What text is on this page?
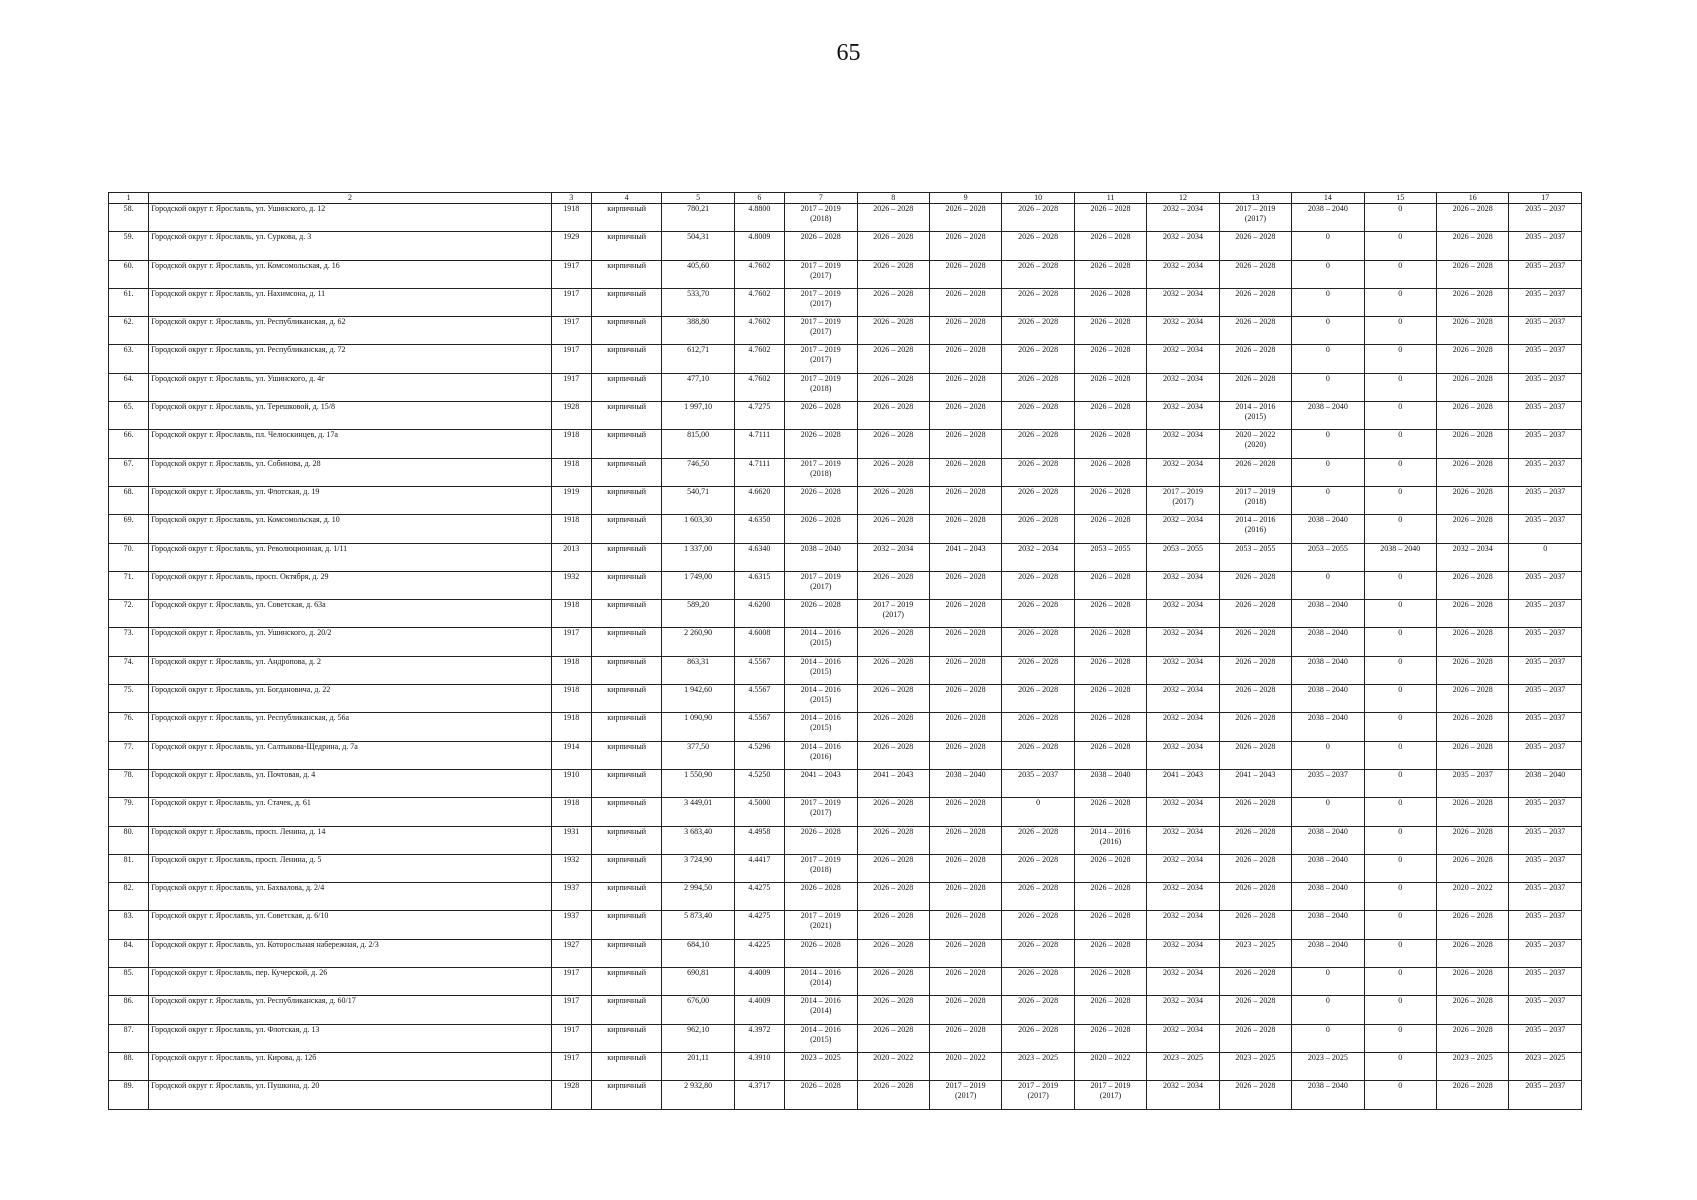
65
1	2	3	4	5	6	7	8	9	10	11	12	13	14	15	16	17
58.	Городской округ г. Ярославль, ул. Ушинского, д. 12	1918	кирпичный	780,21	4.8800	2017 – 2019
(2018)	2026 – 2028	2026 – 2028	2026 – 2028	2026 – 2028	2032 – 2034	2017 – 2019
(2017)	2038 – 2040	0	2026 – 2028	2035 – 2037
59.	Городской округ г. Ярославль, ул. Суркова, д. 3	1929	кирпичный	504,31	4.8009	2026 – 2028	2026 – 2028	2026 – 2028	2026 – 2028	2026 – 2028	2032 – 2034	2026 – 2028	0	0	2026 – 2028	2035 – 2037
60.	Городской округ г. Ярославль, ул. Комсомольская, д. 16	1917	кирпичный	405,60	4.7602	2017 – 2019
(2017)	2026 – 2028	2026 – 2028	2026 – 2028	2026 – 2028	2032 – 2034	2026 – 2028	0	0	2026 – 2028	2035 – 2037
61.	Городской округ г. Ярославль, ул. Нахимсона, д. 11	1917	кирпичный	533,70	4.7602	2017 – 2019
(2017)	2026 – 2028	2026 – 2028	2026 – 2028	2026 – 2028	2032 – 2034	2026 – 2028	0	0	2026 – 2028	2035 – 2037
62.	Городской округ г. Ярославль, ул. Республиканская, д. 62	1917	кирпичный	388,80	4.7602	2017 – 2019
(2017)	2026 – 2028	2026 – 2028	2026 – 2028	2026 – 2028	2032 – 2034	2026 – 2028	0	0	2026 – 2028	2035 – 2037
63.	Городской округ г. Ярославль, ул. Республиканская, д. 72	1917	кирпичный	612,71	4.7602	2017 – 2019
(2017)	2026 – 2028	2026 – 2028	2026 – 2028	2026 – 2028	2032 – 2034	2026 – 2028	0	0	2026 – 2028	2035 – 2037
64.	Городской округ г. Ярославль, ул. Ушинского, д. 4г	1917	кирпичный	477,10	4.7602	2017 – 2019
(2018)	2026 – 2028	2026 – 2028	2026 – 2028	2026 – 2028	2032 – 2034	2026 – 2028	0	0	2026 – 2028	2035 – 2037
65.	Городской округ г. Ярославль, ул. Терешковой, д. 15/8	1928	кирпичный	1 997,10	4.7275	2026 – 2028	2026 – 2028	2026 – 2028	2026 – 2028	2026 – 2028	2032 – 2034	2014 – 2016
(2015)	2038 – 2040	0	2026 – 2028	2035 – 2037
66.	Городской округ г. Ярославль, пл. Челюскинцев, д. 17а	1918	кирпичный	815,00	4.7111	2026 – 2028	2026 – 2028	2026 – 2028	2026 – 2028	2026 – 2028	2032 – 2034	2020 – 2022
(2020)	0	0	2026 – 2028	2035 – 2037
67.	Городской округ г. Ярославль, ул. Собинова, д. 28	1918	кирпичный	746,50	4.7111	2017 – 2019
(2018)	2026 – 2028	2026 – 2028	2026 – 2028	2026 – 2028	2032 – 2034	2026 – 2028	0	0	2026 – 2028	2035 – 2037
68.	Городской округ г. Ярославль, ул. Флотская, д. 19	1919	кирпичный	540,71	4.6620	2026 – 2028	2026 – 2028	2026 – 2028	2026 – 2028	2026 – 2028	2017 – 2019
(2017)	2017 – 2019
(2018)	0	0	2026 – 2028	2035 – 2037
69.	Городской округ г. Ярославль, ул. Комсомольская, д. 10	1918	кирпичный	1 603,30	4.6350	2026 – 2028	2026 – 2028	2026 – 2028	2026 – 2028	2026 – 2028	2032 – 2034	2014 – 2016
(2016)	2038 – 2040	0	2026 – 2028	2035 – 2037
70.	Городской округ г. Ярославль, ул. Революционная, д. 1/11	2013	кирпичный	1 337,00	4.6340	2038 – 2040	2032 – 2034	2041 – 2043	2032 – 2034	2053 – 2055	2053 – 2055	2053 – 2055	2053 – 2055	2038 – 2040	2032 – 2034	0
71.	Городской округ г. Ярославль, просп. Октября, д. 29	1932	кирпичный	1 749,00	4.6315	2017 – 2019
(2017)	2026 – 2028	2026 – 2028	2026 – 2028	2026 – 2028	2032 – 2034	2026 – 2028	0	0	2026 – 2028	2035 – 2037
72.	Городской округ г. Ярославль, ул. Советская, д. 63а	1918	кирпичный	589,20	4.6200	2026 – 2028	2017 – 2019
(2017)	2026 – 2028	2026 – 2028	2026 – 2028	2032 – 2034	2026 – 2028	2038 – 2040	0	2026 – 2028	2035 – 2037
73.	Городской округ г. Ярославль, ул. Ушинского, д. 20/2	1917	кирпичный	2 260,90	4.6008	2014 – 2016
(2015)	2026 – 2028	2026 – 2028	2026 – 2028	2026 – 2028	2032 – 2034	2026 – 2028	2038 – 2040	0	2026 – 2028	2035 – 2037
74.	Городской округ г. Ярославль, ул. Андропова, д. 2	1918	кирпичный	863,31	4.5567	2014 – 2016
(2015)	2026 – 2028	2026 – 2028	2026 – 2028	2026 – 2028	2032 – 2034	2026 – 2028	2038 – 2040	0	2026 – 2028	2035 – 2037
75.	Городской округ г. Ярославль, ул. Богдановича, д. 22	1918	кирпичный	1 942,60	4.5567	2014 – 2016
(2015)	2026 – 2028	2026 – 2028	2026 – 2028	2026 – 2028	2032 – 2034	2026 – 2028	2038 – 2040	0	2026 – 2028	2035 – 2037
76.	Городской округ г. Ярославль, ул. Республиканская, д. 56а	1918	кирпичный	1 090,90	4.5567	2014 – 2016
(2015)	2026 – 2028	2026 – 2028	2026 – 2028	2026 – 2028	2032 – 2034	2026 – 2028	2038 – 2040	0	2026 – 2028	2035 – 2037
77.	Городской округ г. Ярославль, ул. Салтыкова-Щедрина, д. 7а	1914	кирпичный	377,50	4.5296	2014 – 2016
(2016)	2026 – 2028	2026 – 2028	2026 – 2028	2026 – 2028	2032 – 2034	2026 – 2028	0	0	2026 – 2028	2035 – 2037
78.	Городской округ г. Ярославль, ул. Почтовая, д. 4	1910	кирпичный	1 550,90	4.5250	2041 – 2043	2041 – 2043	2038 – 2040	2035 – 2037	2038 – 2040	2041 – 2043	2041 – 2043	2035 – 2037	0	2035 – 2037	2038 – 2040
79.	Городской округ г. Ярославль, ул. Стачек, д. 61	1918	кирпичный	3 449,01	4.5000	2017 – 2019
(2017)	2026 – 2028	2026 – 2028	0	2026 – 2028	2032 – 2034	2026 – 2028	0	0	2026 – 2028	2035 – 2037
80.	Городской округ г. Ярославль, просп. Ленина, д. 14	1931	кирпичный	3 683,40	4.4958	2026 – 2028	2026 – 2028	2026 – 2028	2026 – 2028	2014 – 2016
(2016)	2032 – 2034	2026 – 2028	2038 – 2040	0	2026 – 2028	2035 – 2037
81.	Городской округ г. Ярославль, просп. Ленина, д. 5	1932	кирпичный	3 724,90	4.4417	2017 – 2019
(2018)	2026 – 2028	2026 – 2028	2026 – 2028	2026 – 2028	2032 – 2034	2026 – 2028	2038 – 2040	0	2026 – 2028	2035 – 2037
82.	Городской округ г. Ярославль, ул. Бахвалова, д. 2/4	1937	кирпичный	2 994,50	4.4275	2026 – 2028	2026 – 2028	2026 – 2028	2026 – 2028	2026 – 2028	2032 – 2034	2026 – 2028	2038 – 2040	0	2020 – 2022	2035 – 2037
83.	Городской округ г. Ярославль, ул. Советская, д. 6/10	1937	кирпичный	5 873,40	4.4275	2017 – 2019
(2021)	2026 – 2028	2026 – 2028	2026 – 2028	2026 – 2028	2032 – 2034	2026 – 2028	2038 – 2040	0	2026 – 2028	2035 – 2037
84.	Городской округ г. Ярославль, ул. Которосльная набережная, д. 2/3	1927	кирпичный	684,10	4.4225	2026 – 2028	2026 – 2028	2026 – 2028	2026 – 2028	2026 – 2028	2032 – 2034	2023 – 2025	2038 – 2040	0	2026 – 2028	2035 – 2037
85.	Городской округ г. Ярославль, пер. Кучерской, д. 26	1917	кирпичный	690,81	4.4009	2014 – 2016
(2014)	2026 – 2028	2026 – 2028	2026 – 2028	2026 – 2028	2032 – 2034	2026 – 2028	0	0	2026 – 2028	2035 – 2037
86.	Городской округ г. Ярославль, ул. Республиканская, д. 60/17	1917	кирпичный	676,00	4.4009	2014 – 2016
(2014)	2026 – 2028	2026 – 2028	2026 – 2028	2026 – 2028	2032 – 2034	2026 – 2028	0	0	2026 – 2028	2035 – 2037
87.	Городской округ г. Ярославль, ул. Флотская, д. 13	1917	кирпичный	962,10	4.3972	2014 – 2016
(2015)	2026 – 2028	2026 – 2028	2026 – 2028	2026 – 2028	2032 – 2034	2026 – 2028	0	0	2026 – 2028	2035 – 2037
88.	Городской округ г. Ярославль, ул. Кирова, д. 12б	1917	кирпичный	201,11	4.3910	2023 – 2025	2020 – 2022	2020 – 2022	2023 – 2025	2020 – 2022	2023 – 2025	2023 – 2025	2023 – 2025	0	2023 – 2025	2023 – 2025
89.	Городской округ г. Ярославль, ул. Пушкина, д. 20	1928	кирпичный	2 932,80	4.3717	2026 – 2028	2026 – 2028	2017 – 2019
(2017)	2017 – 2019
(2017)	2017 – 2019
(2017)	2032 – 2034	2026 – 2028	2038 – 2040	0	2026 – 2028	2035 – 2037
